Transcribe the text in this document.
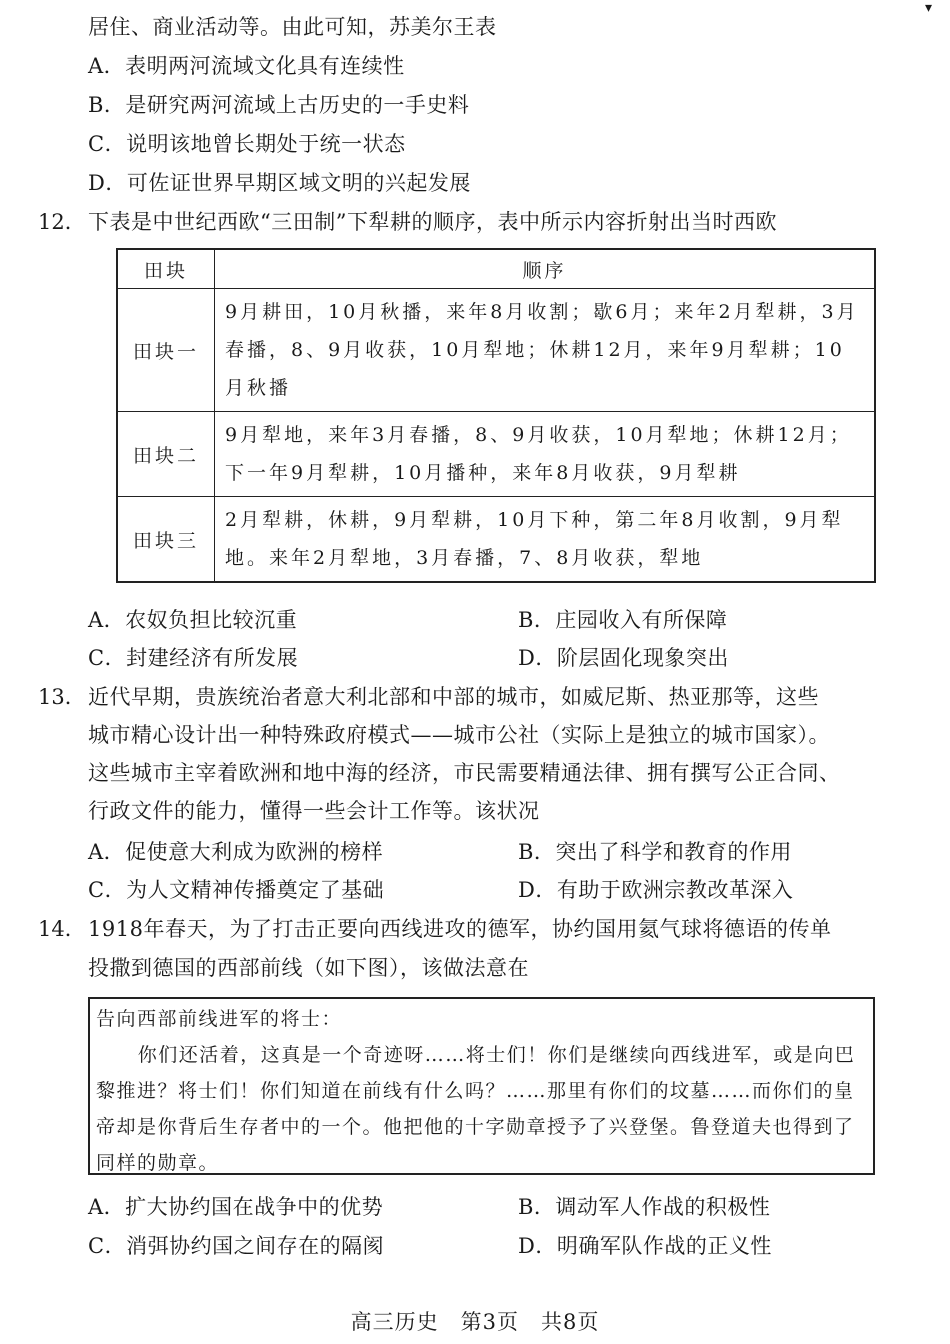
▾
居住、商业活动等。由此可知，苏美尔王表
A．表明两河流域文化具有连续性
B．是研究两河流域上古历史的一手史料
C．说明该地曾长期处于统一状态
D．可佐证世界早期区域文明的兴起发展
12． 下表是中世纪西欧“三田制”下犁耕的顺序，表中所示内容折射出当时西欧
田块	顺序
田块一	9月耕田，10月秋播，来年8月收割；歇6月；来年2月犁耕，3月春播，8、9月收获，10月犁地；休耕12月，来年9月犁耕；10月秋播
田块二	9月犁地，来年3月春播，8、9月收获，10月犁地；休耕12月；下一年9月犁耕，10月播种，来年8月收获，9月犁耕
田块三	2月犁耕，休耕，9月犁耕，10月下种，第二年8月收割，9月犁地。来年2月犁地，3月春播，7、8月收获，犁地
A．农奴负担比较沉重	B．庄园收入有所保障
C．封建经济有所发展	D．阶层固化现象突出
13． 近代早期，贵族统治者意大利北部和中部的城市，如威尼斯、热亚那等，这些
城市精心设计出一种特殊政府模式——城市公社（实际上是独立的城市国家）。
这些城市主宰着欧洲和地中海的经济，市民需要精通法律、拥有撰写公正合同、
行政文件的能力，懂得一些会计工作等。该状况
A．促使意大利成为欧洲的榜样	B．突出了科学和教育的作用
C．为人文精神传播奠定了基础	D．有助于欧洲宗教改革深入
14． 1918年春天，为了打击正要向西线进攻的德军，协约国用氦气球将德语的传单
投撒到德国的西部前线（如下图），该做法意在
告向西部前线进军的将士：
你们还活着，这真是一个奇迹呀……将士们！你们是继续向西线进军，或是向巴黎推进？将士们！你们知道在前线有什么吗？……那里有你们的坟墓……而你们的皇帝却是你背后生存者中的一个。他把他的十字勋章授予了兴登堡。鲁登道夫也得到了同样的勋章。
A．扩大协约国在战争中的优势	B．调动军人作战的积极性
C．消弭协约国之间存在的隔阂	D．明确军队作战的正义性
高三历史　第3页　共8页
